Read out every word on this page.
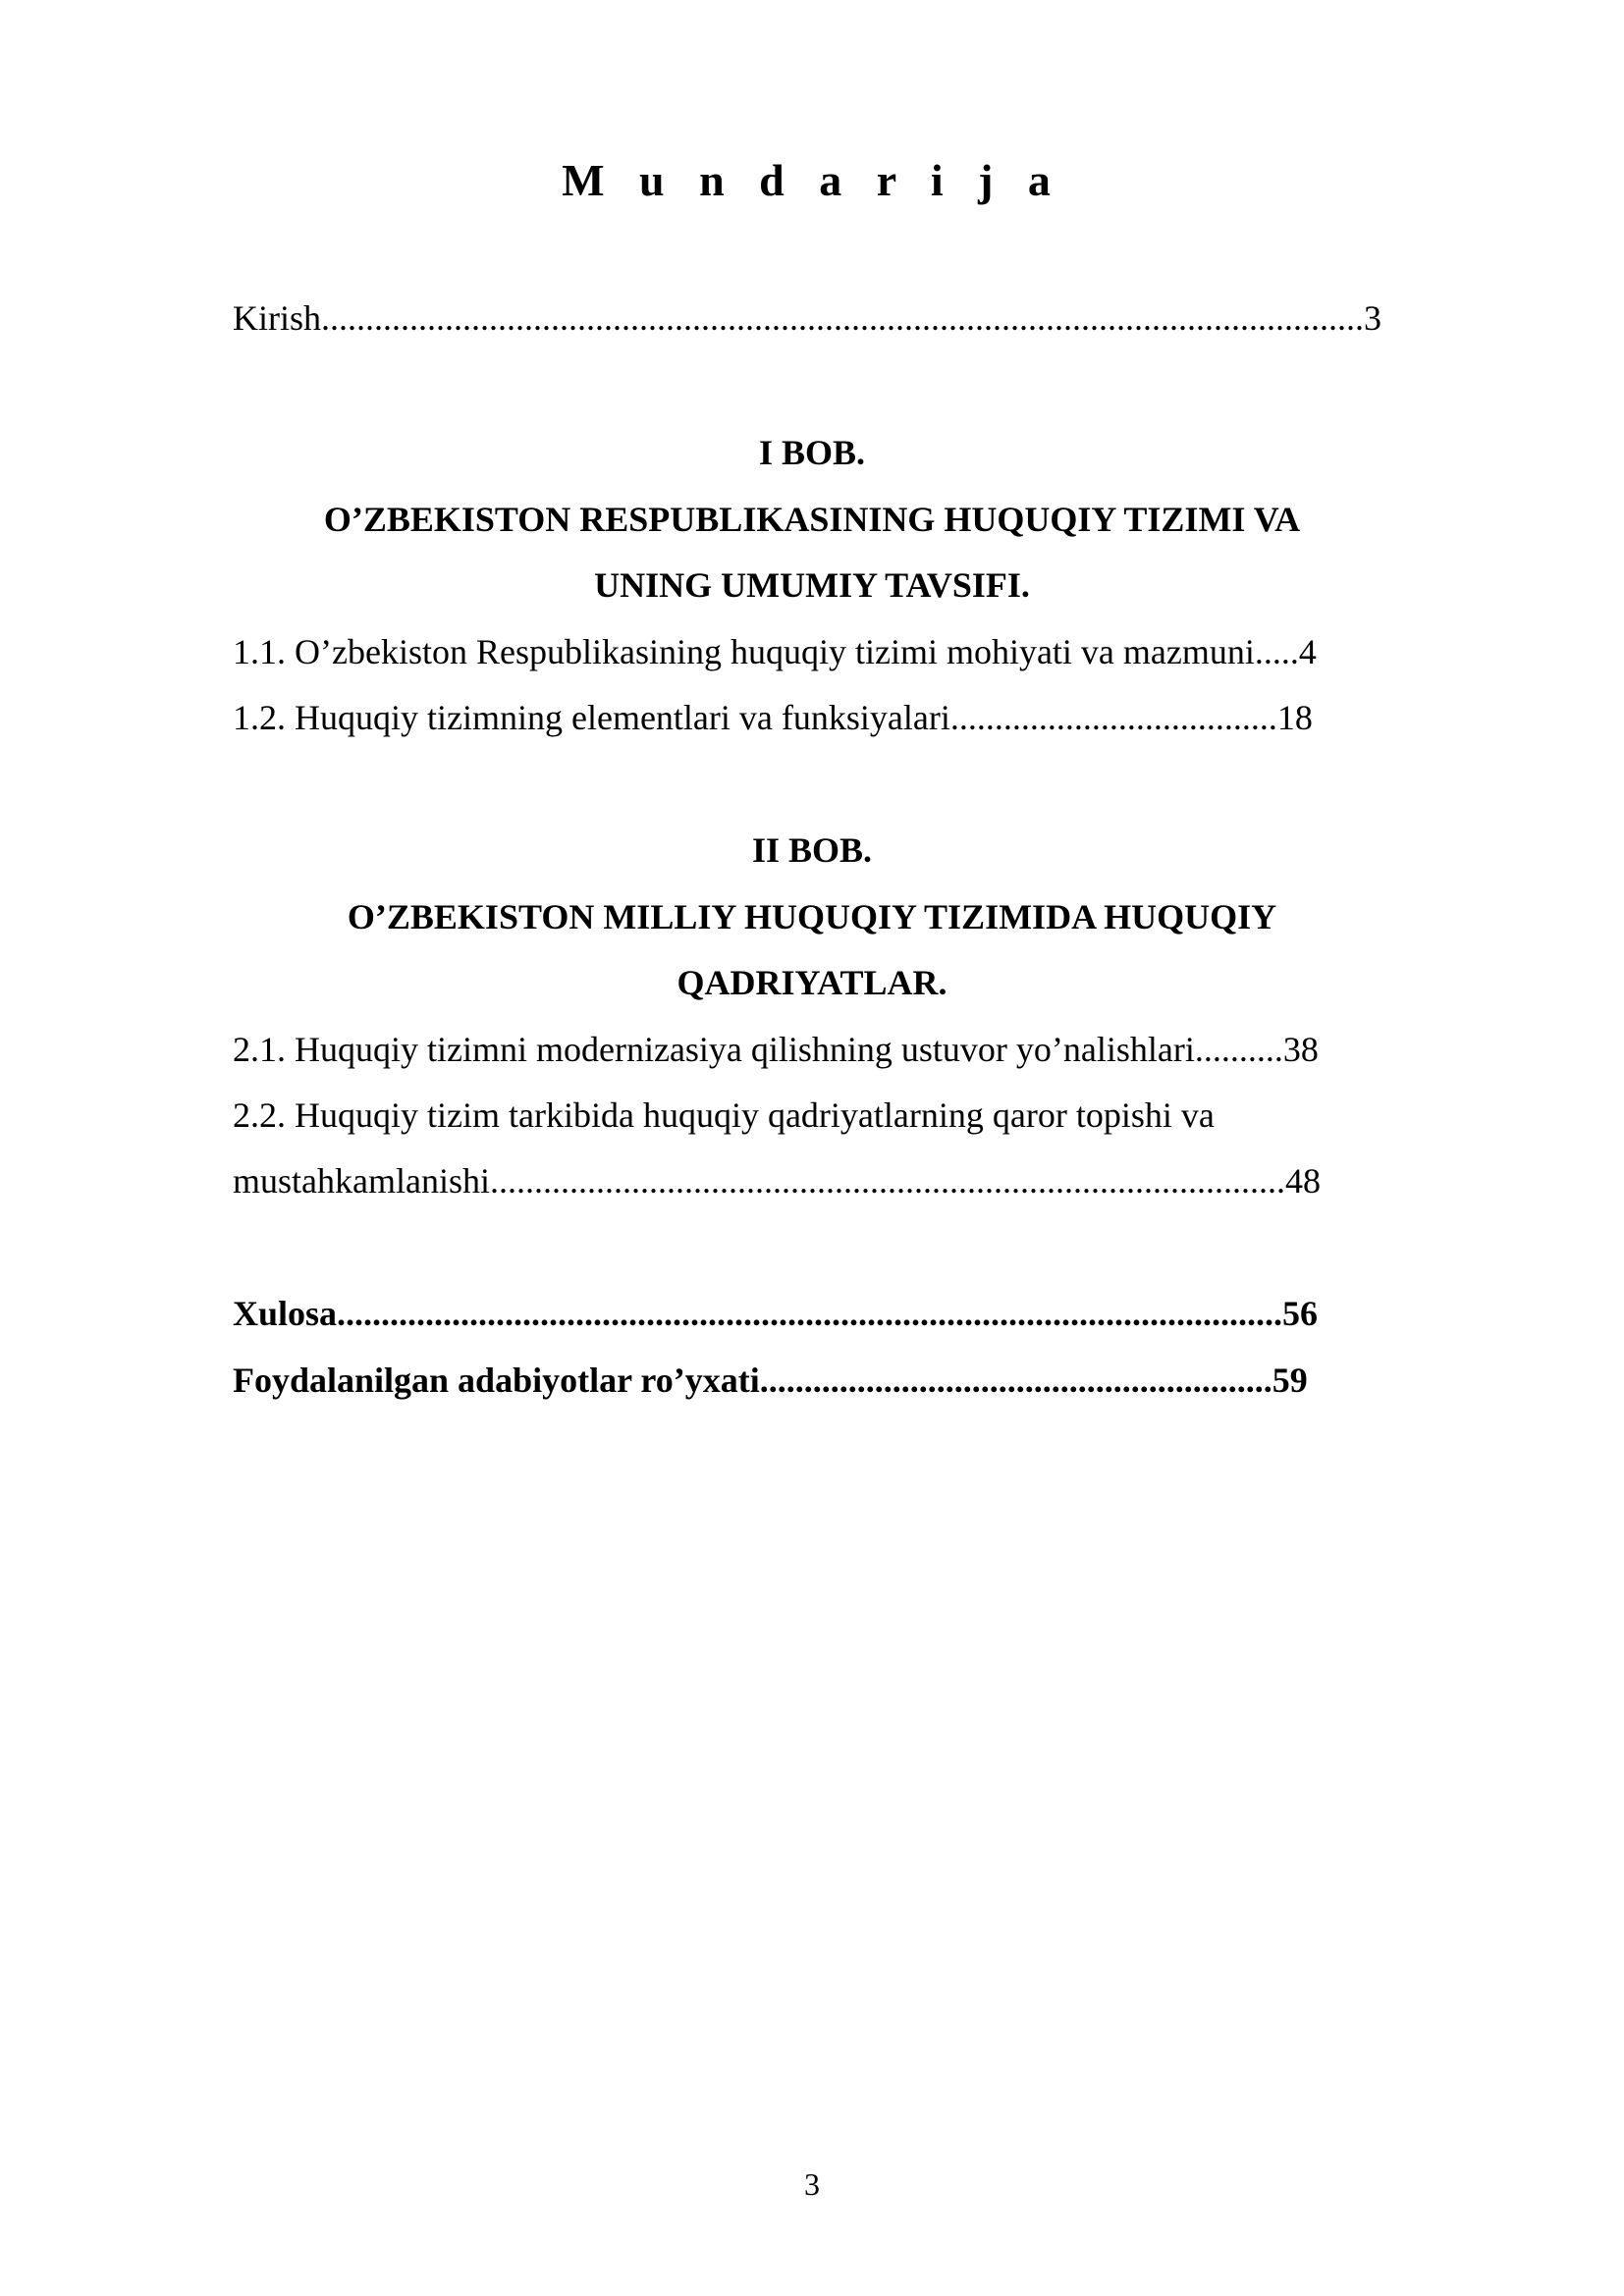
M u n d a r i j a
Kirish......................................................................................................................3
I BOB.
O’ZBEKISTON RESPUBLIKASINING HUQUQIY TIZIMI VA
UNING UMUMIY TAVSIFI.
1.1. O’zbekiston Respublikasining huquqiy tizimi mohiyati va mazmuni.....4
1.2. Huquqiy tizimning elementlari va funksiyalari.....................................18
II BOB.
O’ZBEKISTON MILLIY HUQUQIY TIZIMIDA HUQUQIY
QADRIYATLAR.
2.1. Huquqiy tizimni modernizasiya qilishning ustuvor yo’nalishlari..........38
2.2. Huquqiy tizim tarkibida huquqiy qadriyatlarning qaror topishi va
mustahkamlanishi..........................................................................................48
Xulosa...........................................................................................................56
Foydalanilgan adabiyotlar ro’yxati..........................................................59
3
